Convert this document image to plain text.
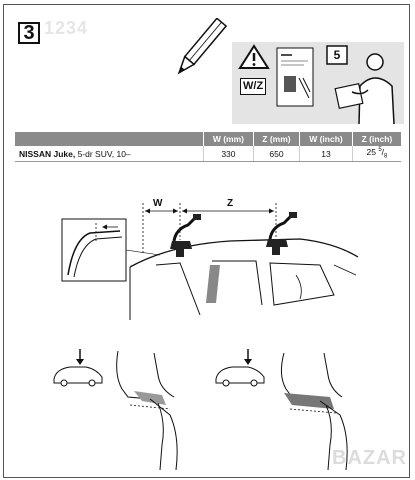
3 1234
W/Z
5
	W (mm)	Z (mm)	W (inch)	Z (inch)
NISSAN Juke, 5-dr SUV, 10–	330	650	13	25 $^5/_8$
W	Z
BAZAR
